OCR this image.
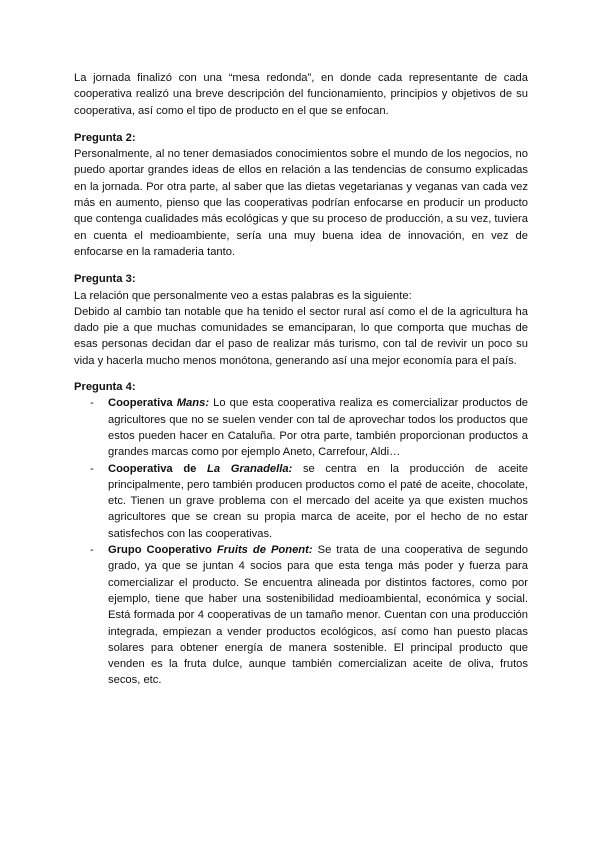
La jornada finalizó con una “mesa redonda”, en donde cada representante de cada cooperativa realizó una breve descripción del funcionamiento, principios y objetivos de su cooperativa, así como el tipo de producto en el que se enfocan.

Pregunta 2:

Personalmente, al no tener demasiados conocimientos sobre el mundo de los negocios, no puedo aportar grandes ideas de ellos en relación a las tendencias de consumo explicadas en la jornada. Por otra parte, al saber que las dietas vegetarianas y veganas van cada vez más en aumento, pienso que las cooperativas podrían enfocarse en producir un producto que contenga cualidades más ecológicas y que su proceso de producción, a su vez, tuviera en cuenta el medioambiente, sería una muy buena idea de innovación, en vez de enfocarse en la ramaderia tanto.

Pregunta 3:

La relación que personalmente veo a estas palabras es la siguiente:

Debido al cambio tan notable que ha tenido el sector rural así como el de la agricultura ha dado pie a que muchas comunidades se emanciparan, lo que comporta que muchas de esas personas decidan dar el paso de realizar más turismo, con tal de revivir un poco su vida y hacerla mucho menos monótona, generando así una mejor economía para el país.

Pregunta 4:

- Cooperativa Mans: Lo que esta cooperativa realiza es comercializar productos de agricultores que no se suelen vender con tal de aprovechar todos los productos que estos pueden hacer en Cataluña. Por otra parte, también proporcionan productos a grandes marcas como por ejemplo Aneto, Carrefour, Aldi…
- Cooperativa de La Granadella: se centra en la producción de aceite principalmente, pero también producen productos como el paté de aceite, chocolate, etc. Tienen un grave problema con el mercado del aceite ya que existen muchos agricultores que se crean su propia marca de aceite, por el hecho de no estar satisfechos con las cooperativas.
- Grupo Cooperativo Fruits de Ponent: Se trata de una cooperativa de segundo grado, ya que se juntan 4 socios para que esta tenga más poder y fuerza para comercializar el producto. Se encuentra alineada por distintos factores, como por ejemplo, tiene que haber una sostenibilidad medioambiental, económica y social. Está formada por 4 cooperativas de un tamaño menor. Cuentan con una producción integrada, empiezan a vender productos ecológicos, así como han puesto placas solares para obtener energía de manera sostenible. El principal producto que venden es la fruta dulce, aunque también comercializan aceite de oliva, frutos secos, etc.
